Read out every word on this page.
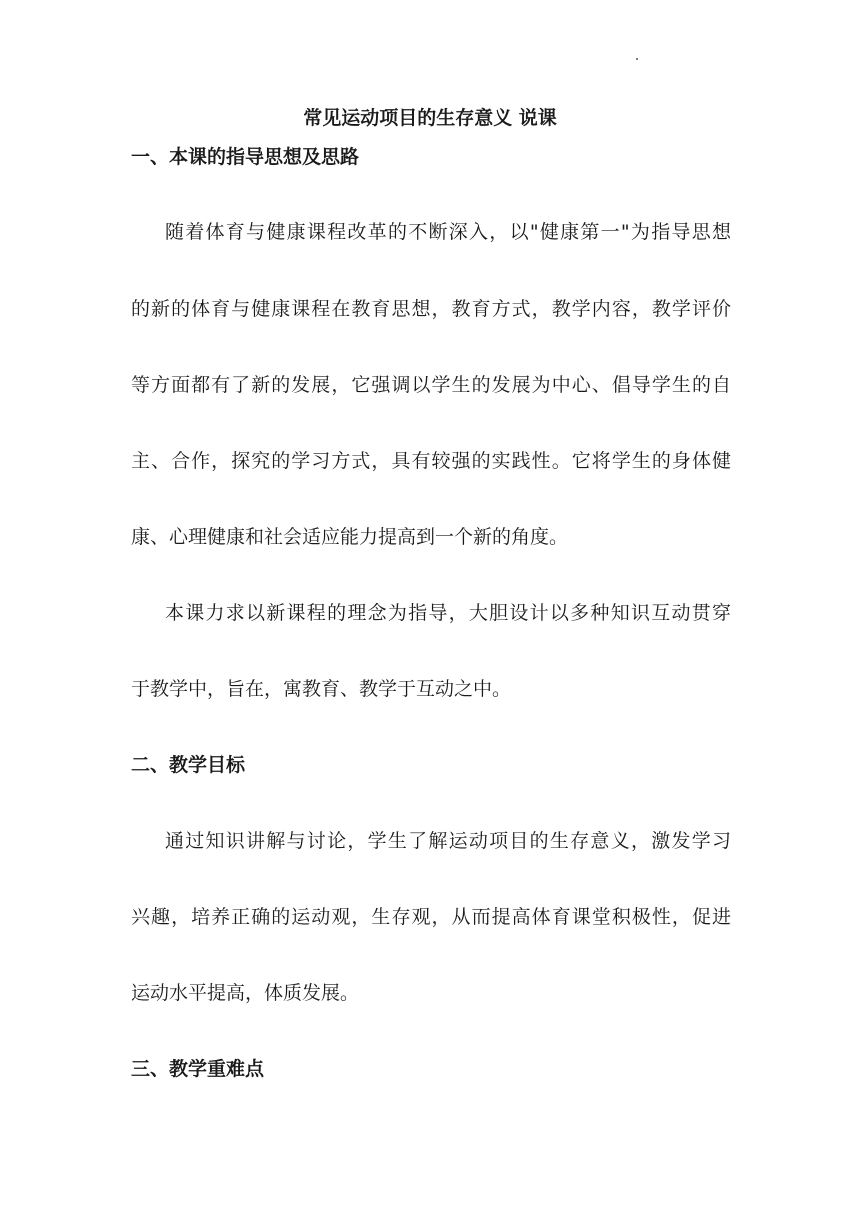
常见运动项目的生存意义 说课
一、本课的指导思想及思路
随着体育与健康课程改革的不断深入，以"健康第一"为指导思想
的新的体育与健康课程在教育思想，教育方式，教学内容，教学评价
等方面都有了新的发展，它强调以学生的发展为中心、倡导学生的自
主、合作，探究的学习方式，具有较强的实践性。它将学生的身体健
康、心理健康和社会适应能力提高到一个新的角度。
本课力求以新课程的理念为指导，大胆设计以多种知识互动贯穿
于教学中，旨在，寓教育、教学于互动之中。
二、教学目标
通过知识讲解与讨论，学生了解运动项目的生存意义，激发学习
兴趣，培养正确的运动观，生存观，从而提高体育课堂积极性，促进
运动水平提高，体质发展。
三、教学重难点
